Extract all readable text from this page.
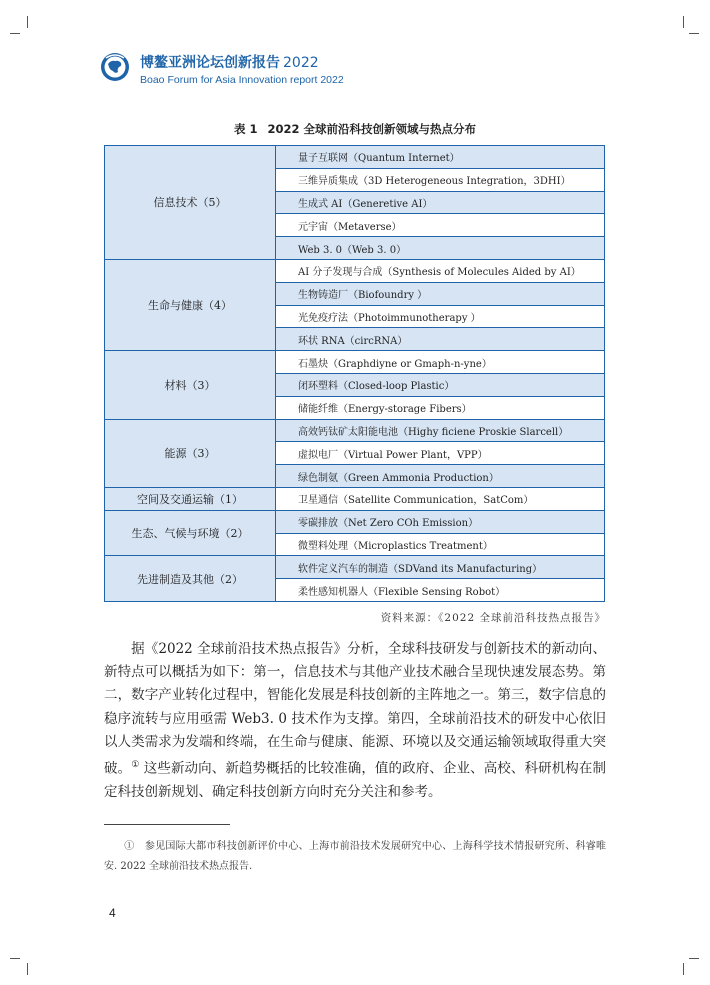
博鳌亚洲论坛创新报告 2022
Boao Forum for Asia Innovation report 2022
表 1 2022 全球前沿科技创新领域与热点分布
信息技术（5）	量子互联网（Quantum Internet）
	三维异质集成（3D Heterogeneous Integration，3DHI）
	生成式 AI（Generetive AI）
	元宇宙（Metaverse）
	Web 3. 0（Web 3. 0）
生命与健康（4）	AI 分子发现与合成（Synthesis of Molecules Aided by AI）
	生物铸造厂（Biofoundry ）
	光免疫疗法（Photoimmunotherapy ）
	环状 RNA（circRNA）
材料（3）	石墨炔（Graphdiyne or Gmaph-n-yne）
	闭环塑料（Closed-loop Plastic）
	储能纤维（Energy-storage Fibers）
能源（3）	高效钙钛矿太阳能电池（Highy ficiene Proskie Slarcell）
	虚拟电厂（Virtual Power Plant，VPP）
	绿色制氨（Green Ammonia Production）
空间及交通运输（1）	卫星通信（Satellite Communication，SatCom）
生态、气候与环境（2）	零碳排放（Net Zero COh Emission）
	微塑料处理（Microplastics Treatment）
先进制造及其他（2）	软件定义汽车的制造（SDVand its Manufacturing）
	柔性感知机器人（Flexible Sensing Robot）
资料来源：《2022 全球前沿科技热点报告》

据《2022 全球前沿技术热点报告》分析，全球科技研发与创新技术的新动向、新特点可以概括为如下：第一，信息技术与其他产业技术融合呈现快速发展态势。第二，数字产业转化过程中，智能化发展是科技创新的主阵地之一。第三，数字信息的稳序流转与应用亟需 Web3. 0 技术作为支撑。第四，全球前沿技术的研发中心依旧以人类需求为发端和终端，在生命与健康、能源、环境以及交通运输领域取得重大突破。① 这些新动向、新趋势概括的比较准确，值的政府、企业、高校、科研机构在制定科技创新规划、确定科技创新方向时充分关注和参考。

① 参见国际大都市科技创新评价中心、上海市前沿技术发展研究中心、上海科学技术情报研究所、科睿唯安. 2022 全球前沿技术热点报告.

4
